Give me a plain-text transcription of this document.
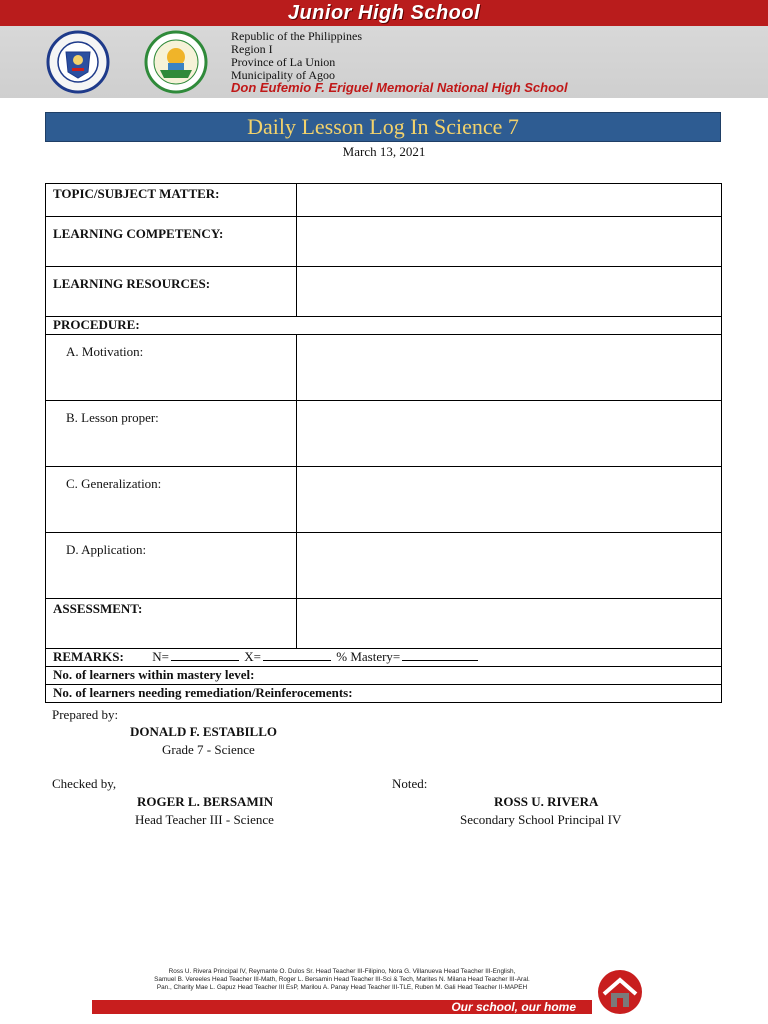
Junior High School
Republic of the Philippines
Region I
Province of La Union
Municipality of Agoo
Don Eufemio F. Eriguel Memorial National High School
Daily Lesson Log In Science 7
March 13, 2021
TOPIC/SUBJECT MATTER:	
LEARNING COMPETENCY:	
LEARNING RESOURCES:	
PROCEDURE:	
A. Motivation:	
B. Lesson proper:	
C. Generalization:	
D. Application:	
ASSESSMENT:	
REMARKS: N= X= % Mastery=	
No. of learners within mastery level:	
No. of learners needing remediation/Reinferocements:	
Prepared by:
DONALD F. ESTABILLO
Grade 7 - Science
Checked by,
ROGER L. BERSAMIN
Head Teacher III - Science
Noted:
ROSS U. RIVERA
Secondary School Principal IV
Ross U. Rivera Principal IV, Reymante O. Dulos Sr. Head Teacher III-Filipino, Nora G. Villanueva Head Teacher III-English,
Samuel B. Vereeles Head Teacher III-Math, Roger L. Bersamin Head Teacher III-Sci & Tech, Marites N. Milana Head Teacher III-Aral.
Pan., Charity Mae L. Gapuz Head Teacher III EsP, Marilou A. Panay Head Teacher III-TLE, Ruben M. Gali Head Teacher II-MAPEH
Our school, our home
